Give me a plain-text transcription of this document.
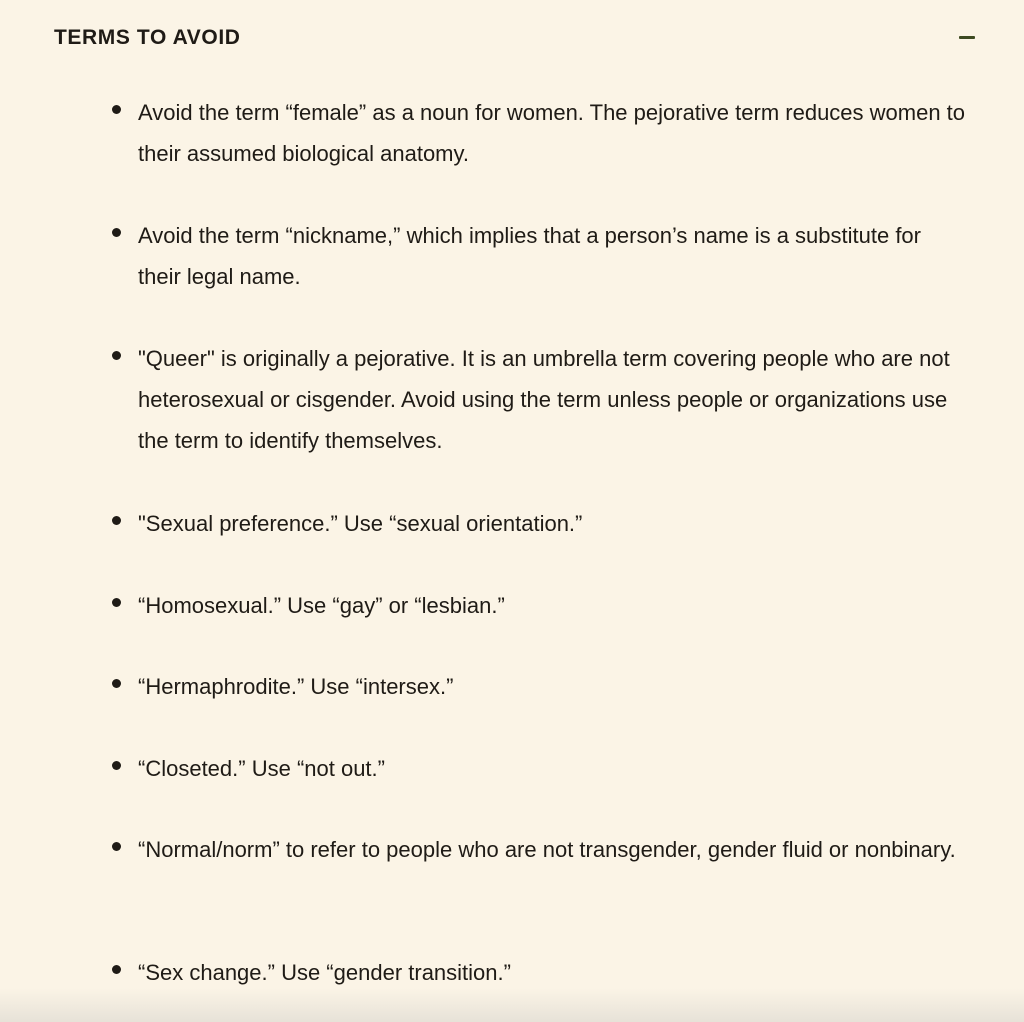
TERMS TO AVOID
Avoid the term “female” as a noun for women. The pejorative term reduces women to their assumed biological anatomy.
Avoid the term “nickname,” which implies that a person’s name is a substitute for their legal name.
"Queer" is originally a pejorative. It is an umbrella term covering people who are not heterosexual or cisgender. Avoid using the term unless people or organizations use the term to identify themselves.
"Sexual preference.” Use “sexual orientation.”
“Homosexual.” Use “gay” or “lesbian.”
“Hermaphrodite.” Use “intersex.”
“Closeted.” Use “not out.”
“Normal/norm” to refer to people who are not transgender, gender fluid or nonbinary.
“Sex change.” Use “gender transition.”
